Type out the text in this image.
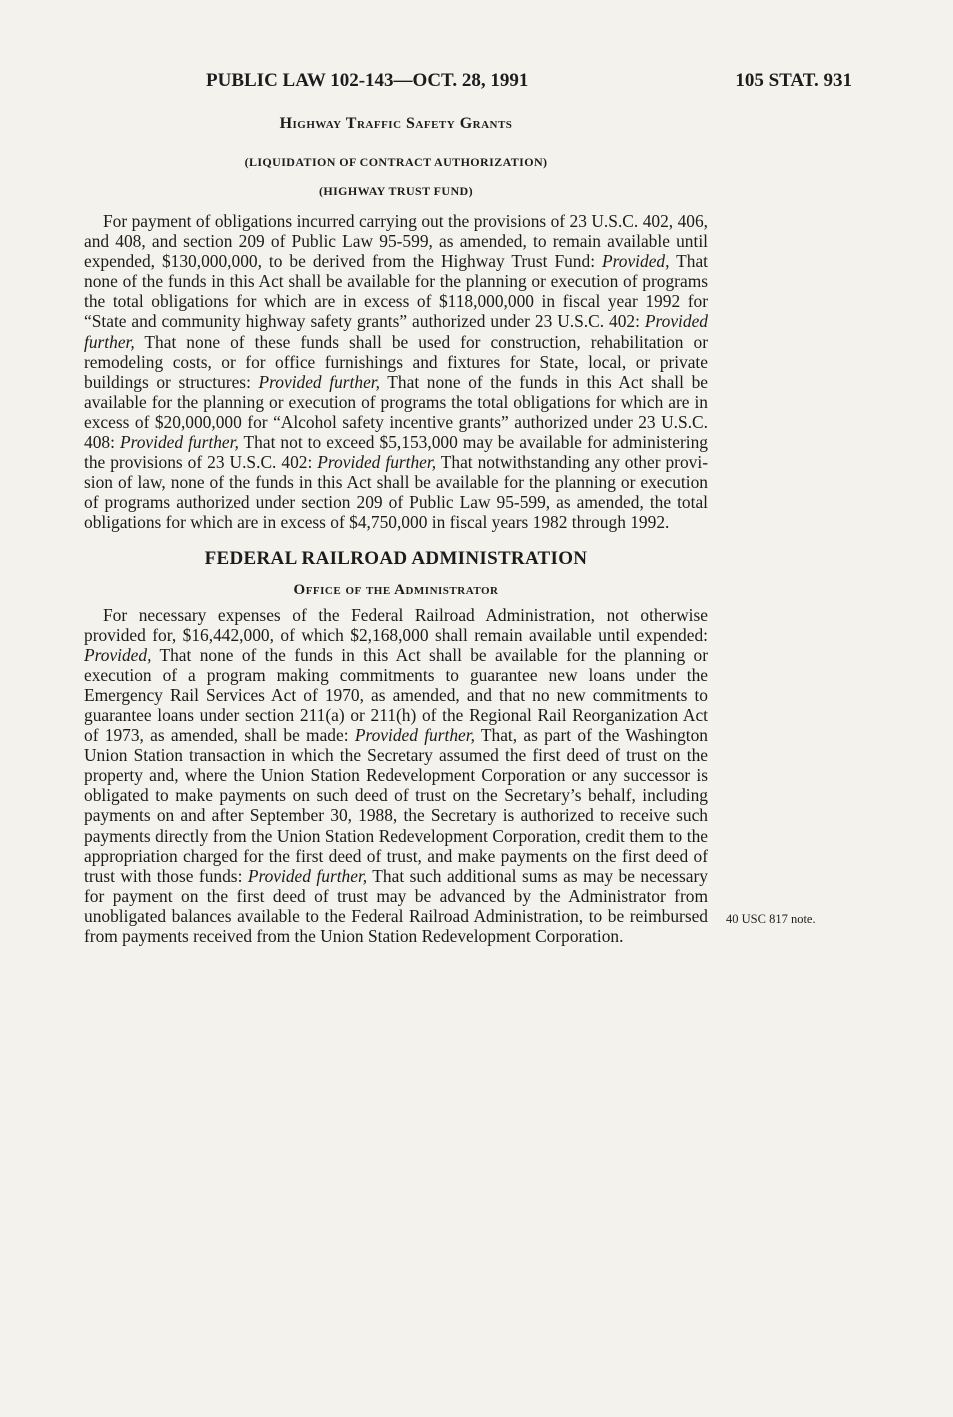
PUBLIC LAW 102-143—OCT. 28, 1991	105 STAT. 931
Highway Traffic Safety Grants
(LIQUIDATION OF CONTRACT AUTHORIZATION)
(HIGHWAY TRUST FUND)

For payment of obligations incurred carrying out the provisions of 23 U.S.C. 402, 406, and 408, and section 209 of Public Law 95-599, as amended, to remain available until expended, $130,000,000, to be derived from the Highway Trust Fund: Provided, That none of the funds in this Act shall be available for the planning or execution of programs the total obligations for which are in excess of $118,000,000 in fiscal year 1992 for “State and community highway safety grants” authorized under 23 U.S.C. 402: Provided further, That none of these funds shall be used for construction, rehabilitation or remodeling costs, or for office furnishings and fixtures for State, local, or private buildings or structures: Provided further, That none of the funds in this Act shall be available for the planning or execution of programs the total obligations for which are in excess of $20,000,000 for “Alcohol safety incentive grants” authorized under 23 U.S.C. 408: Provided further, That not to exceed $5,153,000 may be available for administering the provisions of 23 U.S.C. 402: Provided further, That notwithstanding any other provision of law, none of the funds in this Act shall be available for the planning or execution of programs authorized under section 209 of Public Law 95-599, as amended, the total obligations for which are in excess of $4,750,000 in fiscal years 1982 through 1992.

FEDERAL RAILROAD ADMINISTRATION
Office of the Administrator

For necessary expenses of the Federal Railroad Administration, not otherwise provided for, $16,442,000, of which $2,168,000 shall remain available until expended: Provided, That none of the funds in this Act shall be available for the planning or execution of a program making commitments to guarantee new loans under the Emergency Rail Services Act of 1970, as amended, and that no new commitments to guarantee loans under section 211(a) or 211(h) of the Regional Rail Reorganization Act of 1973, as amended, shall be made: Provided further, That, as part of the Washington Union Station transaction in which the Secretary assumed the first deed of trust on the property and, where the Union Station Redevelopment Corporation or any successor is obligated to make payments on such deed of trust on the Secretary’s behalf, including payments on and after September 30, 1988, the Secretary is authorized to receive such payments directly from the Union Station Redevelopment Corporation, credit them to the appropriation charged for the first deed of trust, and make payments on the first deed of trust with those funds: Provided further, That such additional sums as may be necessary for payment on the first deed of trust may be advanced by the Administrator from unobligated balances available to the Federal Railroad Administration, to be reimbursed from payments received from the Union Station Redevelopment Corporation.

40 USC 817 note.
